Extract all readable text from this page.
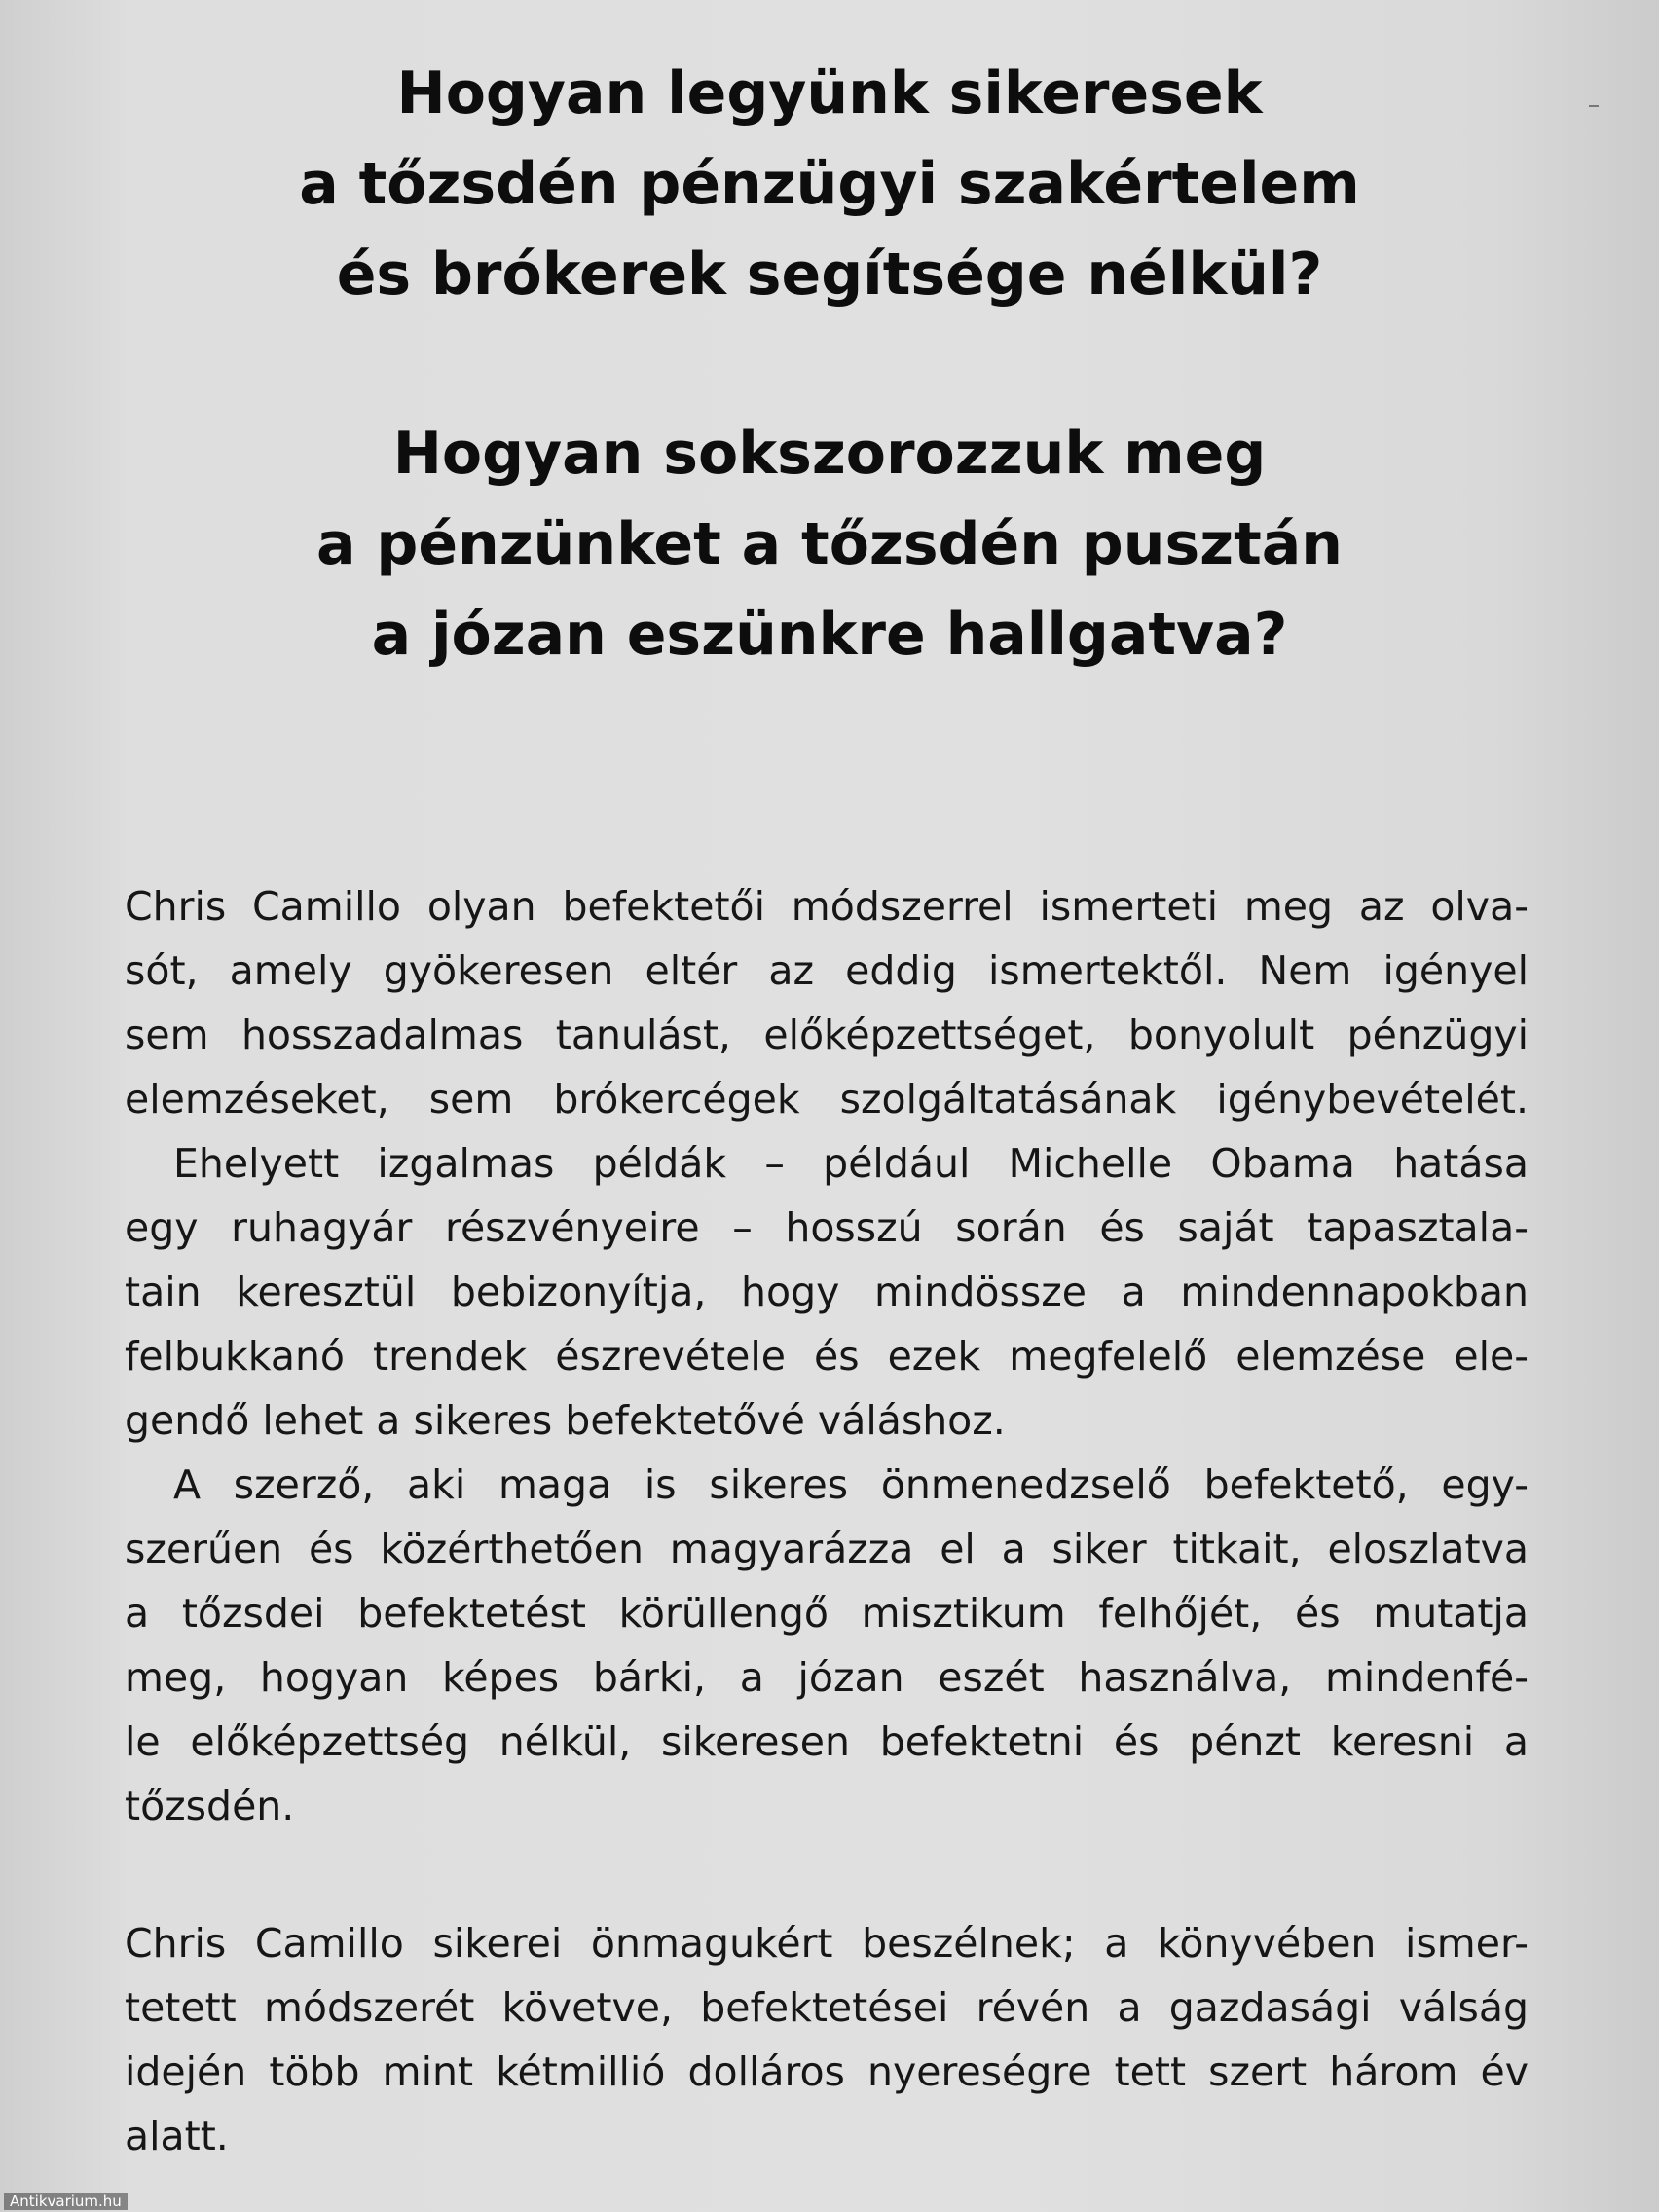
Hogyan legyünk sikeresek
a tőzsdén pénzügyi szakértelem
és brókerek segítsége nélkül?
Hogyan sokszorozzuk meg
a pénzünket a tőzsdén pusztán
a józan eszünkre hallgatva?
Chris Camillo olyan befektetői módszerrel ismerteti meg az olva-
sót, amely gyökeresen eltér az eddig ismertektől. Nem igényel
sem hosszadalmas tanulást, előképzettséget, bonyolult pénzügyi
elemzéseket, sem brókercégek szolgáltatásának igénybevételét.
Ehelyett izgalmas példák – például Michelle Obama hatása
egy ruhagyár részvényeire – hosszú során és saját tapasztala-
tain keresztül bebizonyítja, hogy mindössze a mindennapokban
felbukkanó trendek észrevétele és ezek megfelelő elemzése ele-
gendő lehet a sikeres befektetővé váláshoz.
A szerző, aki maga is sikeres önmenedzselő befektető, egy-
szerűen és közérthetően magyarázza el a siker titkait, eloszlatva
a tőzsdei befektetést körüllengő misztikum felhőjét, és mutatja
meg, hogyan képes bárki, a józan eszét használva, mindenfé-
le előképzettség nélkül, sikeresen befektetni és pénzt keresni a
tőzsdén.
Chris Camillo sikerei önmagukért beszélnek; a könyvében ismer-
tetett módszerét követve, befektetései révén a gazdasági válság
idején több mint kétmillió dolláros nyereségre tett szert három év
alatt.
Antikvarium.hu
